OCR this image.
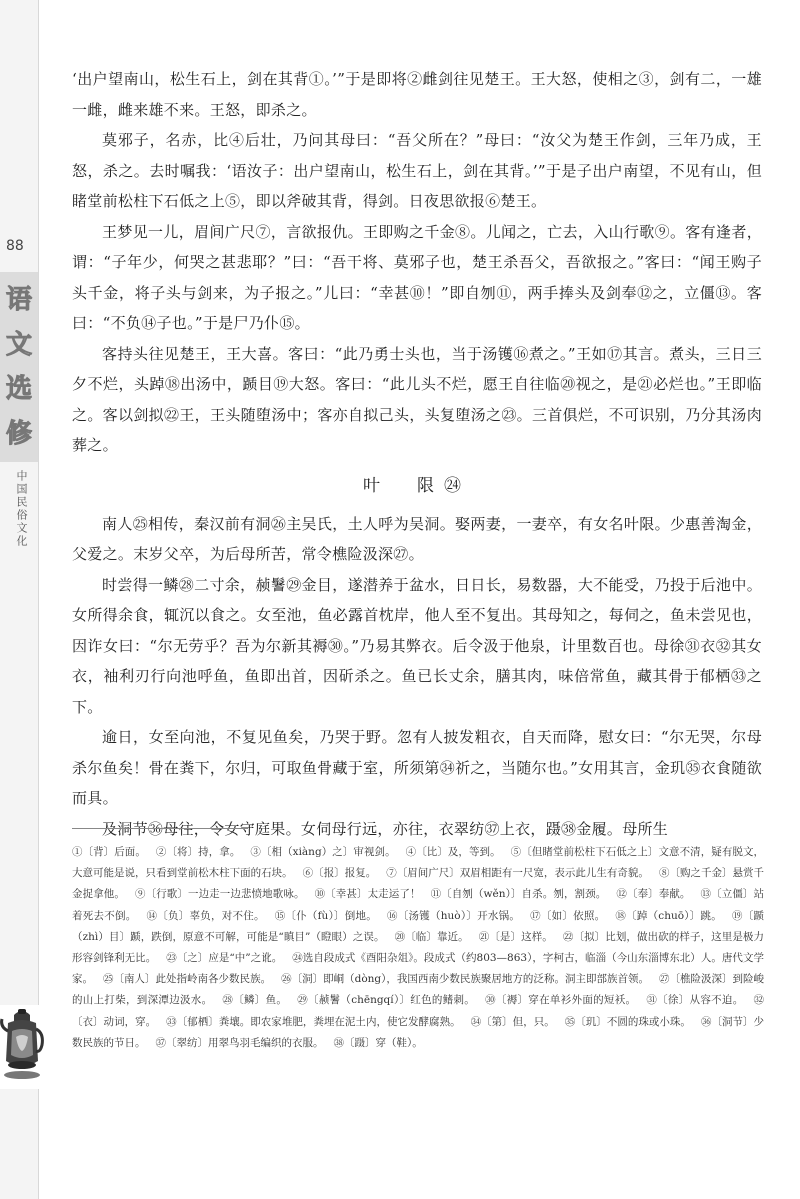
88
语
文
选
修
中国民俗文化

‘出户望南山，松生石上，剑在其背①。’”于是即将②雌剑往见楚王。王大怒，使相之③，剑有二，一雄一雌，雌来雄不来。王怒，即杀之。

莫邪子，名赤，比④后壮，乃问其母曰：“吾父所在？”母曰：“汝父为楚王作剑，三年乃成，王怒，杀之。去时嘱我：‘语汝子：出户望南山，松生石上，剑在其背。’”于是子出户南望，不见有山，但睹堂前松柱下石低之上⑤，即以斧破其背，得剑。日夜思欲报⑥楚王。

王梦见一儿，眉间广尺⑦，言欲报仇。王即购之千金⑧。儿闻之，亡去，入山行歌⑨。客有逢者，谓：“子年少，何哭之甚悲耶？”曰：“吾干将、莫邪子也，楚王杀吾父，吾欲报之。”客曰：“闻王购子头千金，将子头与剑来，为子报之。”儿曰：“幸甚⑩！”即自刎⑪，两手捧头及剑奉⑫之，立僵⑬。客曰：“不负⑭子也。”于是尸乃仆⑮。

客持头往见楚王，王大喜。客曰：“此乃勇士头也，当于汤镬⑯煮之。”王如⑰其言。煮头，三日三夕不烂，头踔⑱出汤中，踬目⑲大怒。客曰：“此儿头不烂，愿王自往临⑳视之，是㉑必烂也。”王即临之。客以剑拟㉒王，王头随堕汤中；客亦自拟己头，头复堕汤之㉓。三首俱烂，不可识别，乃分其汤肉葬之。

叶　限㉔

南人㉕相传，秦汉前有洞㉖主吴氏，土人呼为吴洞。娶两妻，一妻卒，有女名叶限。少惠善淘金，父爱之。末岁父卒，为后母所苦，常令樵险汲深㉗。

时尝得一鳞㉘二寸余，赪鬐㉙金目，遂潜养于盆水，日日长，易数器，大不能受，乃投于后池中。女所得余食，辄沉以食之。女至池，鱼必露首枕岸，他人至不复出。其母知之，每伺之，鱼未尝见也，因诈女曰：“尔无劳乎？吾为尔新其褥㉚。”乃易其弊衣。后令汲于他泉，计里数百也。母徐㉛衣㉜其女衣，袖利刃行向池呼鱼，鱼即出首，因斫杀之。鱼已长丈余，膳其肉，味倍常鱼，藏其骨于郁栖㉝之下。

逾日，女至向池，不复见鱼矣，乃哭于野。忽有人披发粗衣，自天而降，慰女曰：“尔无哭，尔母杀尔鱼矣！骨在粪下，尔归，可取鱼骨藏于室，所须第㉞祈之，当随尔也。”女用其言，金玑㉟衣食随欲而具。

及洞节㊱母往，令女守庭果。女伺母行远，亦往，衣翠纺㊲上衣，蹑㊳金履。母所生

①〔背〕后面。 ②〔将〕持，拿。 ③〔相（xiàng）之〕审视剑。 ④〔比〕及，等到。 ⑤〔但睹堂前松柱下石低之上〕文意不清，疑有脱文，大意可能是说，只看到堂前松木柱下面的石块。 ⑥〔报〕报复。 ⑦〔眉间广尺〕双眉相距有一尺宽，表示此儿生有奇貌。 ⑧〔购之千金〕悬赏千金捉拿他。 ⑨〔行歌〕一边走一边悲愤地歌咏。 ⑩〔幸甚〕太走运了！ ⑪〔自刎（wěn）〕自杀。刎，割颈。 ⑫〔奉〕奉献。 ⑬〔立僵〕站着死去不倒。 ⑭〔负〕辜负，对不住。 ⑮〔仆（fù）〕倒地。 ⑯〔汤镬（huò）〕开水锅。 ⑰〔如〕依照。 ⑱〔踔（chuō）〕跳。 ⑲〔踬（zhì）目〕踬，跌倒，原意不可解，可能是“瞋目”（瞪眼）之误。 ⑳〔临〕靠近。 ㉑〔是〕这样。 ㉒〔拟〕比划，做出砍的样子，这里是极力形容剑锋利无比。 ㉓〔之〕应是“中”之讹。 ㉔选自段成式《酉阳杂俎》。段成式（约803—863），字柯古，临淄（今山东淄博东北）人。唐代文学家。 ㉕〔南人〕此处指岭南各少数民族。 ㉖〔洞〕即峒（dòng），我国西南少数民族聚居地方的泛称。洞主即部族首领。 ㉗〔樵险汲深〕到险峻的山上打柴，到深潭边汲水。 ㉘〔鳞〕鱼。 ㉙〔赪鬐（chēngqí）〕红色的鳍刺。 ㉚〔褥〕穿在单衫外面的短袄。 ㉛〔徐〕从容不迫。 ㉜〔衣〕动词，穿。 ㉝〔郁栖〕粪壤。即农家堆肥，粪埋在泥土内，使它发酵腐熟。 ㉞〔第〕但，只。 ㉟〔玑〕不圆的珠或小珠。 ㊱〔洞节〕少数民族的节日。 ㊲〔翠纺〕用翠鸟羽毛编织的衣服。 ㊳〔蹑〕穿（鞋）。
